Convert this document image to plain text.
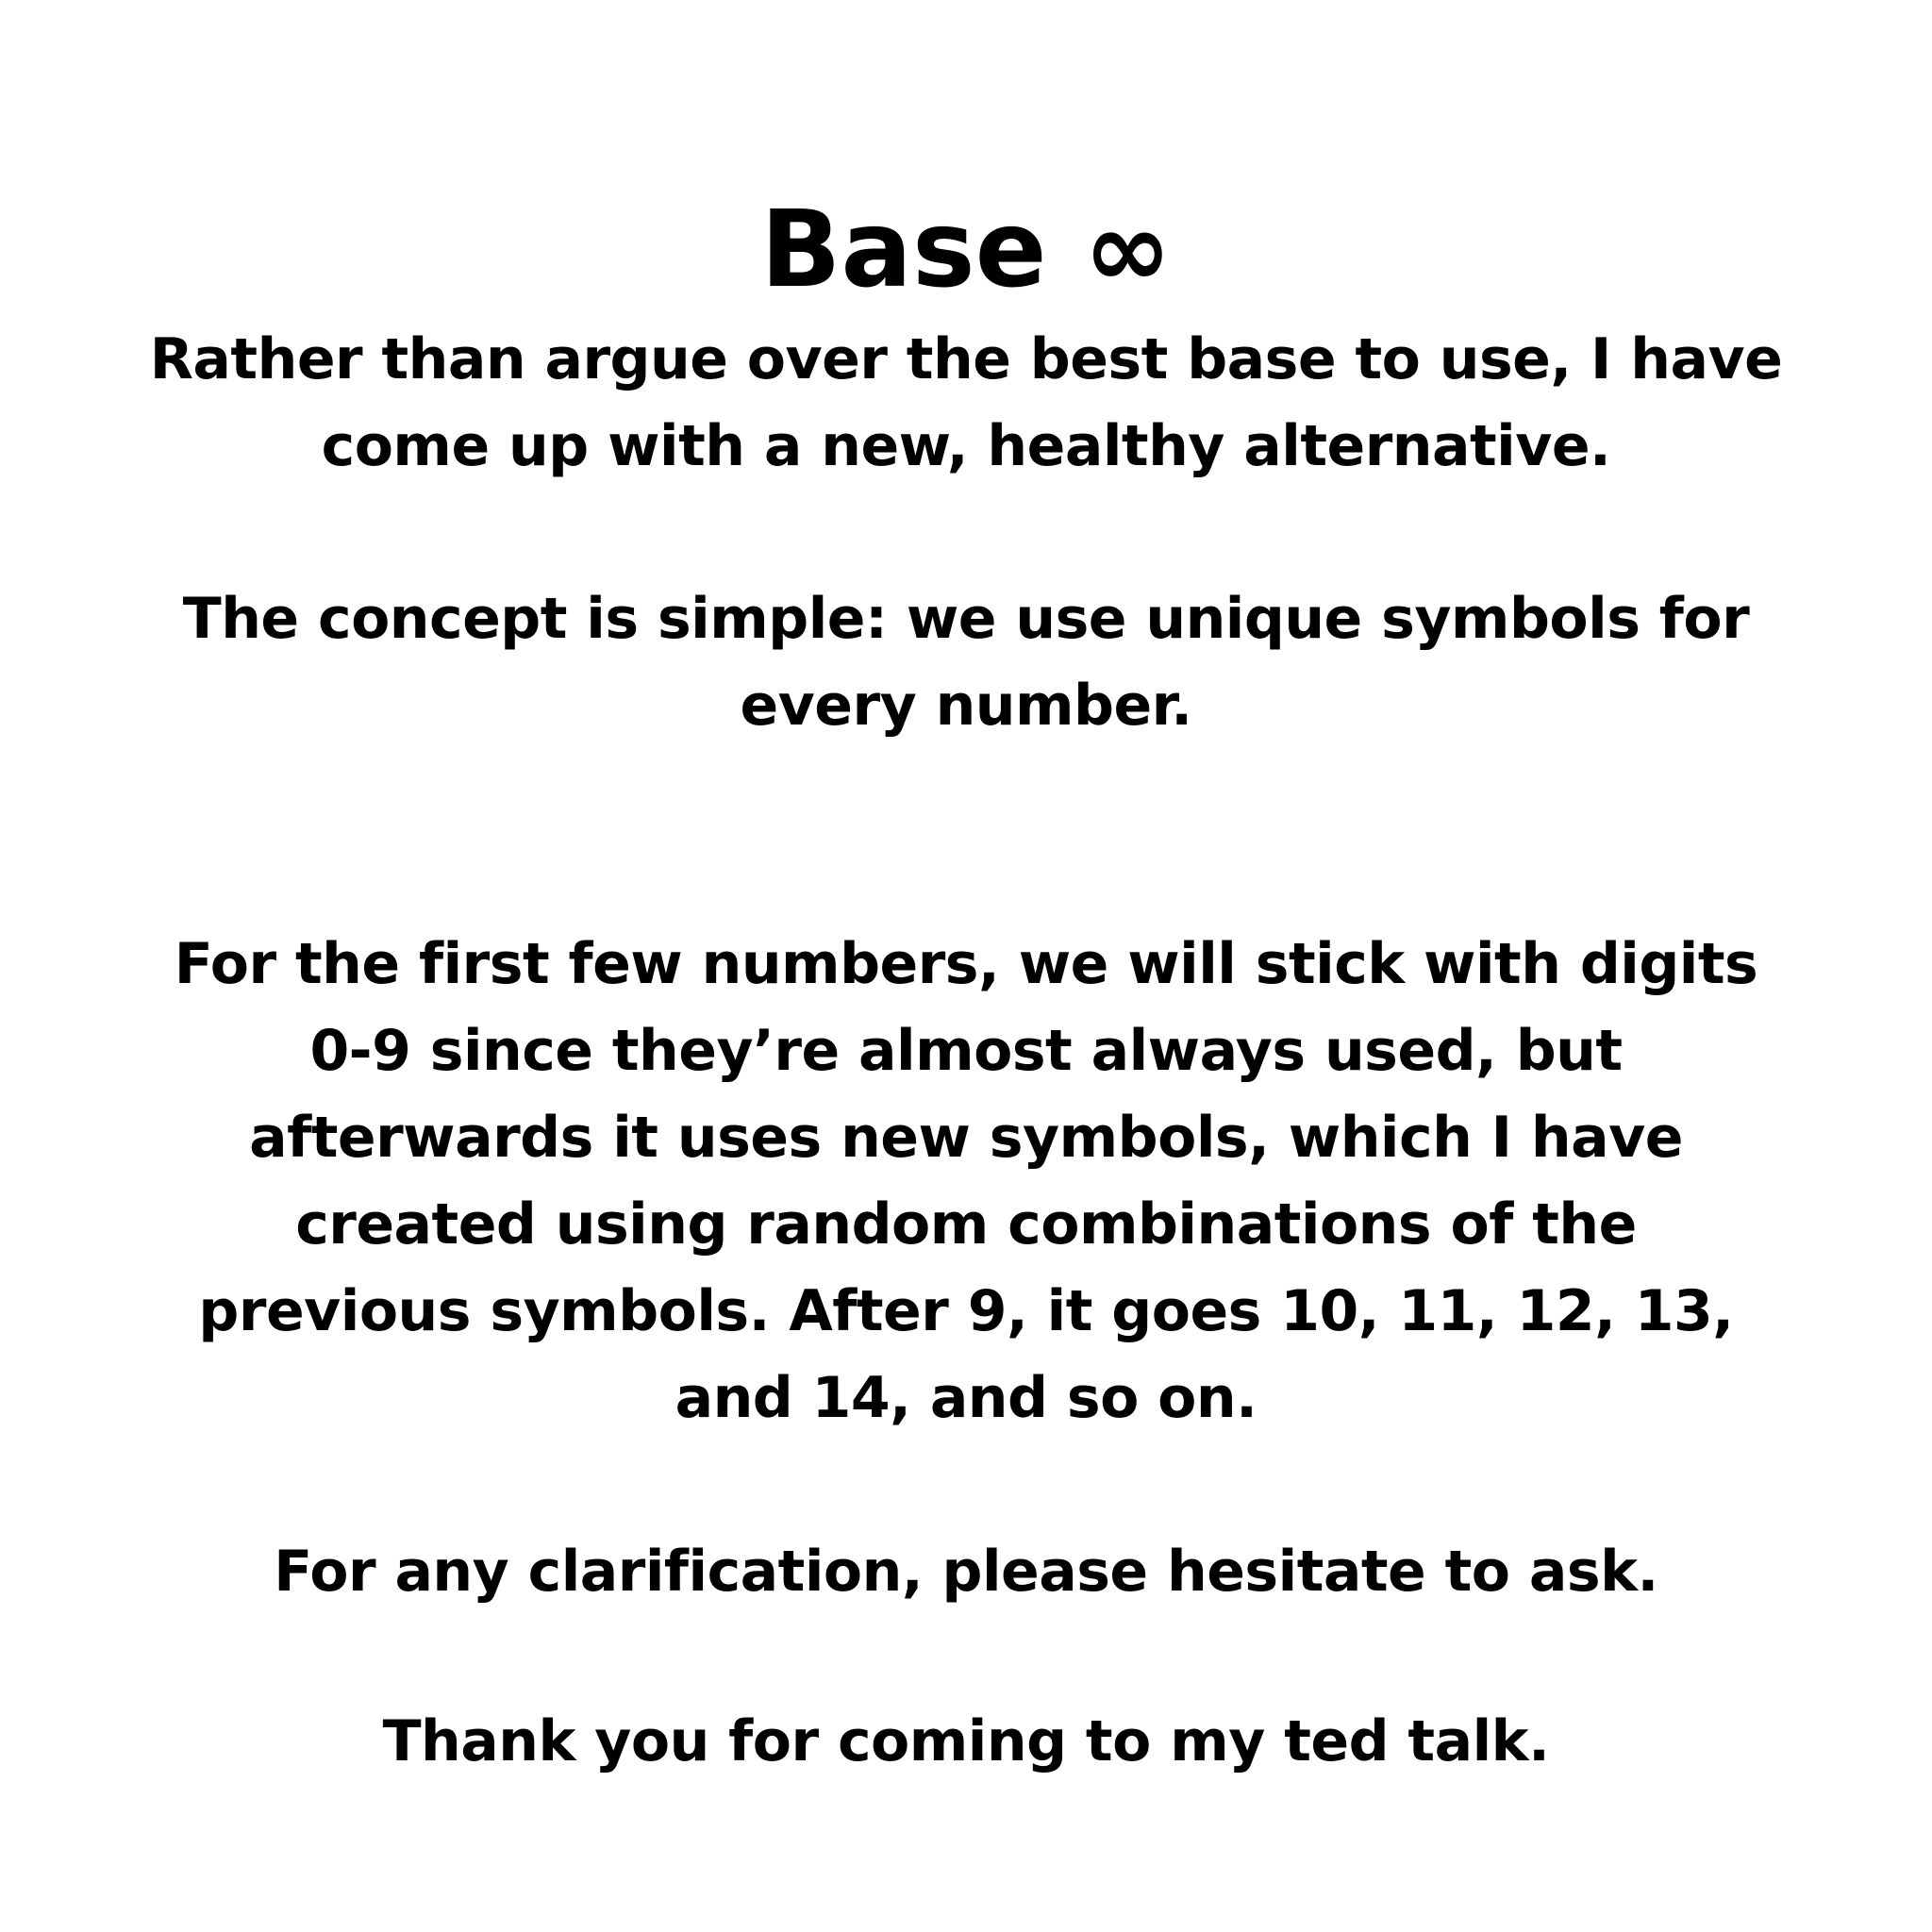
Base ∞

Rather than argue over the best base to use, I have
come up with a new, healthy alternative.

The concept is simple: we use unique symbols for
every number.

For the first few numbers, we will stick with digits
0-9 since they’re almost always used, but
afterwards it uses new symbols, which I have
created using random combinations of the
previous symbols. After 9, it goes 10, 11, 12, 13,
and 14, and so on.

For any clarification, please hesitate to ask.

Thank you for coming to my ted talk.
